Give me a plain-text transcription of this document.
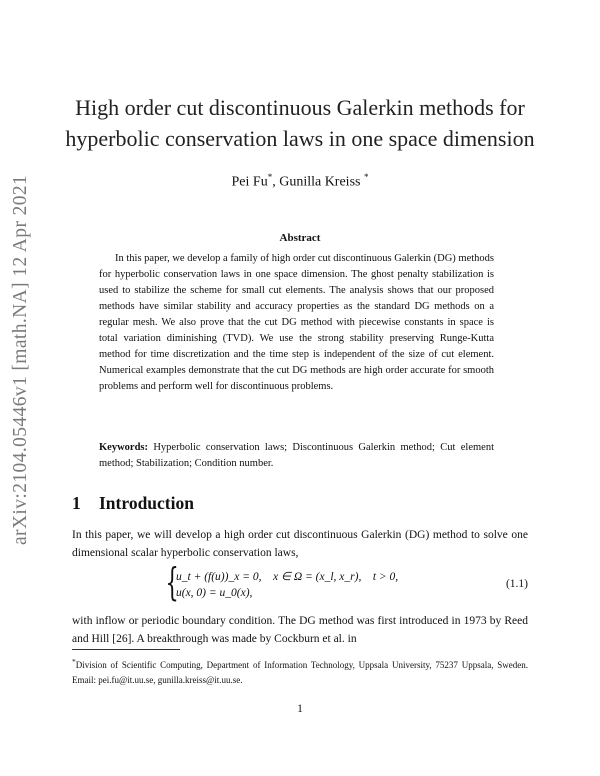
arXiv:2104.05446v1 [math.NA] 12 Apr 2021
High order cut discontinuous Galerkin methods for
hyperbolic conservation laws in one space dimension
Pei Fu*, Gunilla Kreiss *
Abstract
In this paper, we develop a family of high order cut discontinuous Galerkin (DG) methods for hyperbolic conservation laws in one space dimension. The ghost penalty stabilization is used to stabilize the scheme for small cut elements. The analysis shows that our proposed methods have similar stability and accuracy properties as the standard DG methods on a regular mesh. We also prove that the cut DG method with piecewise constants in space is total variation diminishing (TVD). We use the strong stability preserving Runge-Kutta method for time discretization and the time step is independent of the size of cut element. Numerical examples demonstrate that the cut DG methods are high order accurate for smooth problems and perform well for discontinuous problems.
Keywords: Hyperbolic conservation laws; Discontinuous Galerkin method; Cut element method; Stabilization; Condition number.
1 Introduction
In this paper, we will develop a high order cut discontinuous Galerkin (DG) method to solve one dimensional scalar hyperbolic conservation laws,
{
u_t + (f(u))_x = 0,    x ∈ Ω = (x_l, x_r),    t > 0,
u(x, 0) = u_0(x),
(1.1)
with inflow or periodic boundary condition. The DG method was first introduced in 1973 by Reed and Hill [26]. A breakthrough was made by Cockburn et al. in
*Division of Scientific Computing, Department of Information Technology, Uppsala University, 75237 Uppsala, Sweden. Email: pei.fu@it.uu.se, gunilla.kreiss@it.uu.se.
1
